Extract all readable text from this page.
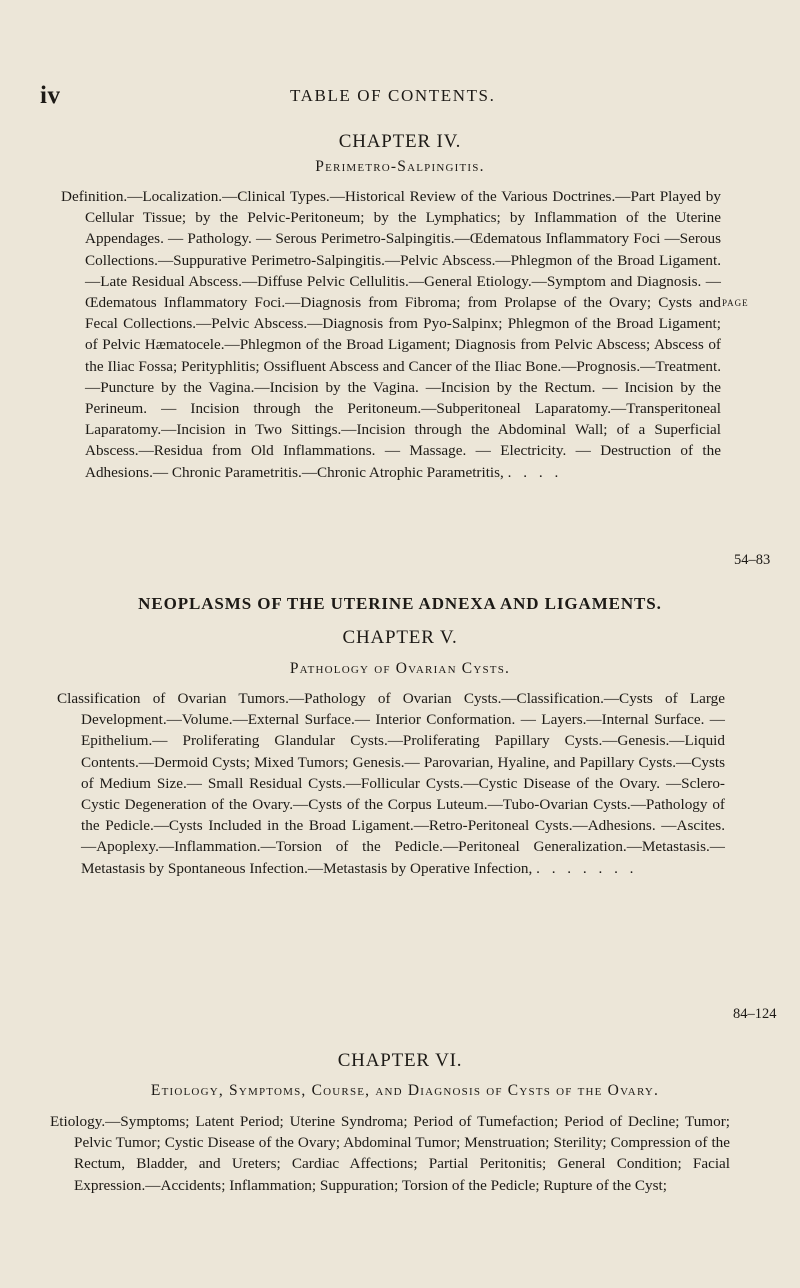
iv	TABLE OF CONTENTS.
CHAPTER IV.
Perimetro-Salpingitis.
PAGE
Definition.—Localization.—Clinical Types.—Historical Review of the Various Doctrines.—Part Played by Cellular Tissue; by the Pelvic-Peritoneum; by the Lymphatics; by Inflammation of the Uterine Appendages. — Pathology. — Serous Perimetro-Salpingitis.—Œdematous Inflammatory Foci —Serous Collections.—Suppurative Perimetro-Salpingitis.—Pelvic Abscess.—Phlegmon of the Broad Ligament.—Late Residual Abscess.—Diffuse Pelvic Cellulitis.—General Etiology.—Symptom and Diagnosis. — Œdematous Inflammatory Foci.—Diagnosis from Fibroma; from Prolapse of the Ovary; Cysts and Fecal Collections.—Pelvic Abscess.—Diagnosis from Pyo-Salpinx; Phlegmon of the Broad Ligament; of Pelvic Hæmatocele.—Phlegmon of the Broad Ligament; Diagnosis from Pelvic Abscess; Abscess of the Iliac Fossa; Perityphlitis; Ossifluent Abscess and Cancer of the Iliac Bone.—Prognosis.—Treatment.—Puncture by the Vagina.—Incision by the Vagina. —Incision by the Rectum. — Incision by the Perineum. — Incision through the Peritoneum.—Subperitoneal Laparatomy.—Transperitoneal Laparatomy.—Incision in Two Sittings.—Incision through the Abdominal Wall; of a Superficial Abscess.—Residua from Old Inflammations. — Massage. — Electricity. — Destruction of the Adhesions.— Chronic Parametritis.—Chronic Atrophic Parametritis, . . . .
54–83
NEOPLASMS OF THE UTERINE ADNEXA AND LIGAMENTS.
CHAPTER V.
Pathology of Ovarian Cysts.
Classification of Ovarian Tumors.—Pathology of Ovarian Cysts.—Classification.—Cysts of Large Development.—Volume.—External Surface.— Interior Conformation. — Layers.—Internal Surface. — Epithelium.— Proliferating Glandular Cysts.—Proliferating Papillary Cysts.—Genesis.—Liquid Contents.—Dermoid Cysts; Mixed Tumors; Genesis.— Parovarian, Hyaline, and Papillary Cysts.—Cysts of Medium Size.— Small Residual Cysts.—Follicular Cysts.—Cystic Disease of the Ovary. —Sclero-Cystic Degeneration of the Ovary.—Cysts of the Corpus Luteum.—Tubo-Ovarian Cysts.—Pathology of the Pedicle.—Cysts Included in the Broad Ligament.—Retro-Peritoneal Cysts.—Adhesions. —Ascites.—Apoplexy.—Inflammation.—Torsion of the Pedicle.—Peritoneal Generalization.—Metastasis.—Metastasis by Spontaneous Infection.—Metastasis by Operative Infection, . . . . . . .
84–124
CHAPTER VI.
Etiology, Symptoms, Course, and Diagnosis of Cysts of the Ovary.
Etiology.—Symptoms; Latent Period; Uterine Syndroma; Period of Tumefaction; Period of Decline; Tumor; Pelvic Tumor; Cystic Disease of the Ovary; Abdominal Tumor; Menstruation; Sterility; Compression of the Rectum, Bladder, and Ureters; Cardiac Affections; Partial Peritonitis; General Condition; Facial Expression.—Accidents; Inflammation; Suppuration; Torsion of the Pedicle; Rupture of the Cyst;
